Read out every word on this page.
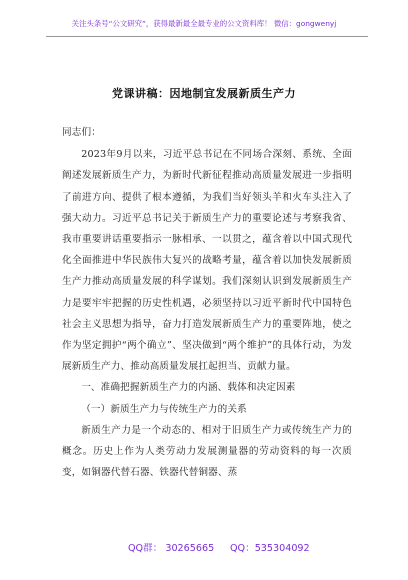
关注头条号“公文研究”，获得最新最全最专业的公文资料库！ 微信：gongwenyj
党课讲稿：因地制宜发展新质生产力

同志们：

2023年9月以来，习近平总书记在不同场合深刻、系统、全面阐述发展新质生产力，为新时代新征程推动高质量发展进一步指明了前进方向、提供了根本遵循，为我们当好领头羊和火车头注入了强大动力。习近平总书记关于新质生产力的重要论述与考察我省、我市重要讲话重要指示一脉相承、一以贯之，蕴含着以中国式现代化全面推进中华民族伟大复兴的战略考量，蕴含着以加快发展新质生产力推动高质量发展的科学谋划。我们深刻认识到发展新质生产力是要牢牢把握的历史性机遇，必须坚持以习近平新时代中国特色社会主义思想为指导，奋力打造发展新质生产力的重要阵地，使之作为坚定拥护“两个确立”、坚决做到“两个维护”的具体行动，为发展新质生产力、推动高质量发展扛起担当、贡献力量。

一、准确把握新质生产力的内涵、载体和决定因素

（一）新质生产力与传统生产力的关系

新质生产力是一个动态的、相对于旧质生产力或传统生产力的概念。历史上作为人类劳动力发展测量器的劳动资料的每一次质变，如铜器代替石器、铁器代替铜器、蒸

QQ群： 30265665 QQ：535304092
